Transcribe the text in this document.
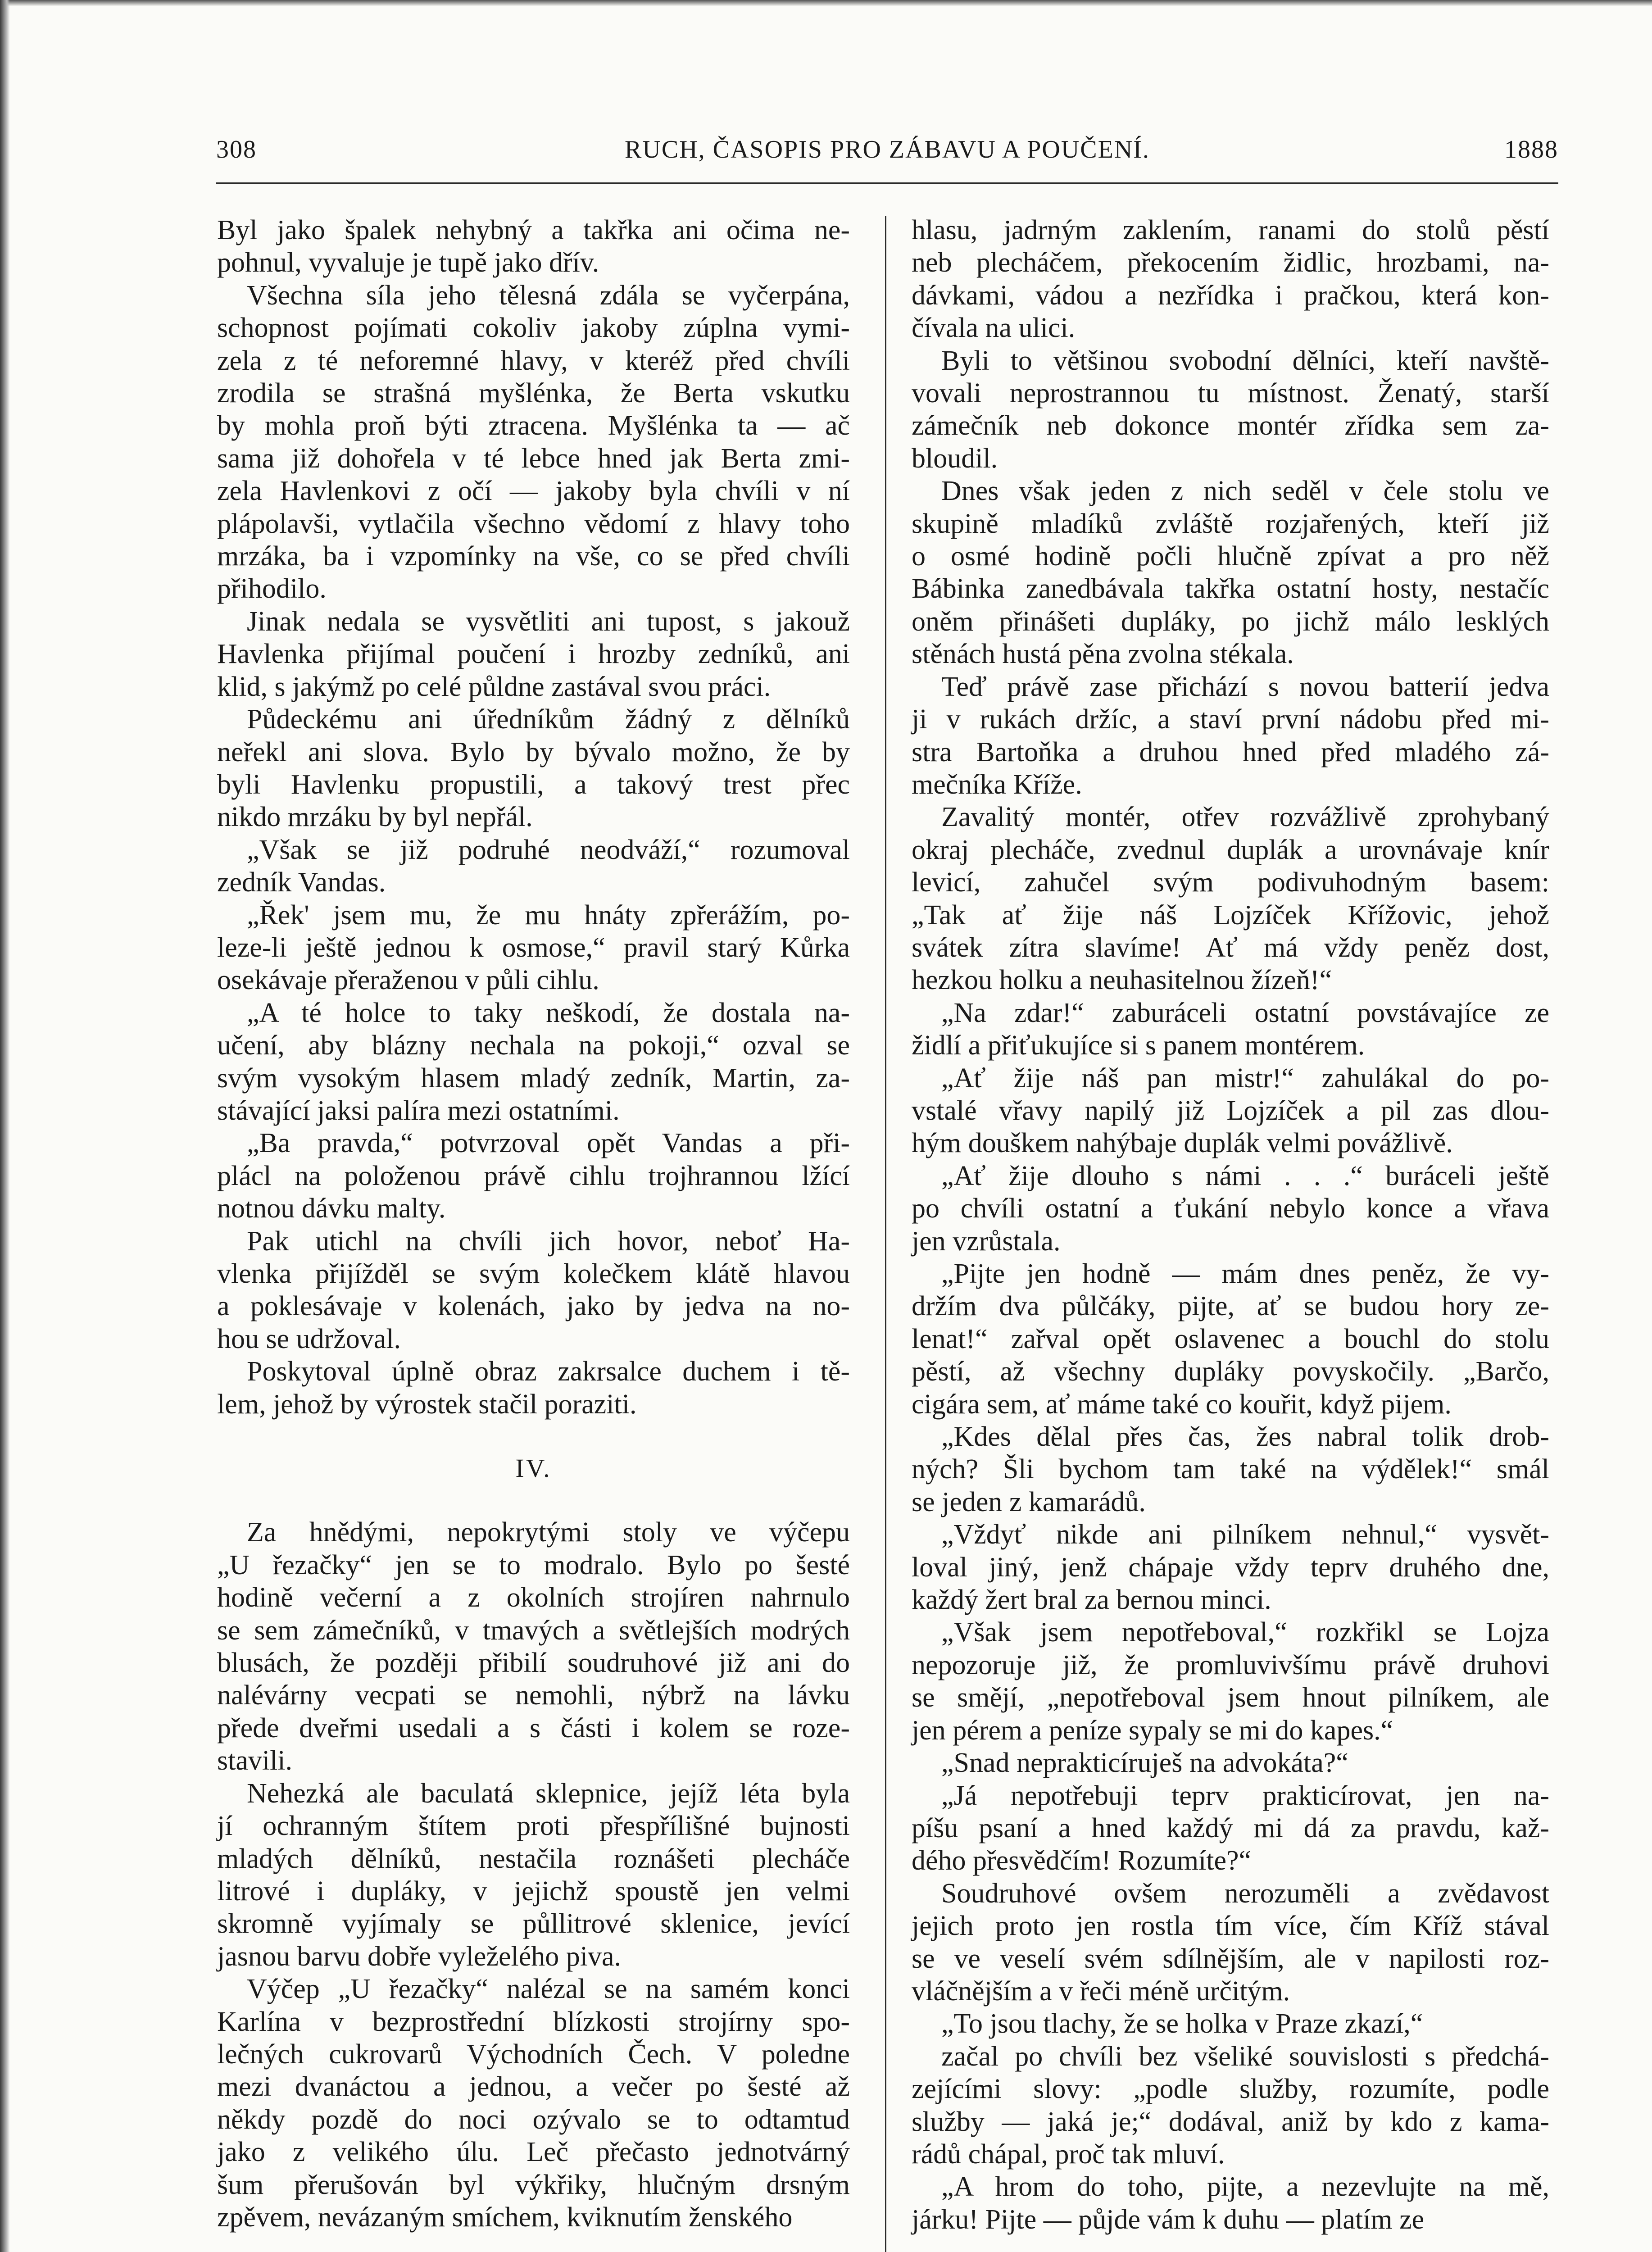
308	RUCH, ČASOPIS PRO ZÁBAVU A POUČENÍ.	1888
Byl jako špalek nehybný a takřka ani očima ne-
pohnul, vyvaluje je tupě jako dřív.
Všechna síla jeho tělesná zdála se vyčerpána,
schopnost pojímati cokoliv jakoby zúplna vymi-
zela z té neforemné hlavy, v kteréž před chvíli
zrodila se strašná myšlénka, že Berta vskutku
by mohla proň býti ztracena. Myšlénka ta — ač
sama již dohořela v té lebce hned jak Berta zmi-
zela Havlenkovi z očí — jakoby byla chvíli v ní
plápolavši, vytlačila všechno vědomí z hlavy toho
mrzáka, ba i vzpomínky na vše, co se před chvíli
přihodilo.
Jinak nedala se vysvětliti ani tupost, s jakouž
Havlenka přijímal poučení i hrozby zedníků, ani
klid, s jakýmž po celé půldne zastával svou práci.
Půdeckému ani úředníkům žádný z dělníků
neřekl ani slova. Bylo by bývalo možno, že by
byli Havlenku propustili, a takový trest přec
nikdo mrzáku by byl nepřál.
„Však se již podruhé neodváží,“ rozumoval
zedník Vandas.
„Řek' jsem mu, že mu hnáty zpřerážím, po-
leze-li ještě jednou k osmose,“ pravil starý Kůrka
osekávaje přeraženou v půli cihlu.
„A té holce to taky neškodí, že dostala na-
učení, aby blázny nechala na pokoji,“ ozval se
svým vysokým hlasem mladý zedník, Martin, za-
stávající jaksi palíra mezi ostatními.
„Ba pravda,“ potvrzoval opět Vandas a při-
plácl na položenou právě cihlu trojhrannou lžící
notnou dávku malty.
Pak utichl na chvíli jich hovor, neboť Ha-
vlenka přijížděl se svým kolečkem klátě hlavou
a poklesávaje v kolenách, jako by jedva na no-
hou se udržoval.
Poskytoval úplně obraz zakrsalce duchem i tě-
lem, jehož by výrostek stačil poraziti.
IV.
Za hnědými, nepokrytými stoly ve výčepu
„U řezačky“ jen se to modralo. Bylo po šesté
hodině večerní a z okolních strojíren nahrnulo
se sem zámečníků, v tmavých a světlejších modrých
blusách, že později přibilí soudruhové již ani do
nalévárny vecpati se nemohli, nýbrž na lávku
přede dveřmi usedali a s části i kolem se roze-
stavili.
Nehezká ale baculatá sklepnice, jejíž léta byla
jí ochranným štítem proti přespřílišné bujnosti
mladých dělníků, nestačila roznášeti plecháče
litrové i dupláky, v jejichž spoustě jen velmi
skromně vyjímaly se půllitrové sklenice, jevící
jasnou barvu dobře vyleželého piva.
Výčep „U řezačky“ nalézal se na samém konci
Karlína v bezprostřední blízkosti strojírny spo-
lečných cukrovarů Východních Čech. V poledne
mezi dvanáctou a jednou, a večer po šesté až
někdy pozdě do noci ozývalo se to odtamtud
jako z velikého úlu. Leč přečasto jednotvárný
šum přerušován byl výkřiky, hlučným drsným
zpěvem, nevázaným smíchem, kviknutím ženského
hlasu, jadrným zaklením, ranami do stolů pěstí
neb plecháčem, překocením židlic, hrozbami, na-
dávkami, vádou a nezřídka i pračkou, která kon-
čívala na ulici.
Byli to většinou svobodní dělníci, kteří navště-
vovali neprostrannou tu místnost. Ženatý, starší
zámečník neb dokonce montér zřídka sem za-
bloudil.
Dnes však jeden z nich seděl v čele stolu ve
skupině mladíků zvláště rozjařených, kteří již
o osmé hodině počli hlučně zpívat a pro něž
Bábinka zanedbávala takřka ostatní hosty, nestačíc
oněm přinášeti dupláky, po jichž málo lesklých
stěnách hustá pěna zvolna stékala.
Teď právě zase přichází s novou batterií jedva
ji v rukách držíc, a staví první nádobu před mi-
stra Bartoňka a druhou hned před mladého zá-
mečníka Kříže.
Zavalitý montér, otřev rozvážlivě zprohybaný
okraj plecháče, zvednul duplák a urovnávaje knír
levicí, zahučel svým podivuhodným basem:
„Tak ať žije náš Lojzíček Křížovic, jehož
svátek zítra slavíme! Ať má vždy peněz dost,
hezkou holku a neuhasitelnou žízeň!“
„Na zdar!“ zaburáceli ostatní povstávajíce ze
židlí a přiťukujíce si s panem montérem.
„Ať žije náš pan mistr!“ zahulákal do po-
vstalé vřavy napilý již Lojzíček a pil zas dlou-
hým douškem nahýbaje duplák velmi povážlivě.
„Ať žije dlouho s námi . . .“ buráceli ještě
po chvíli ostatní a ťukání nebylo konce a vřava
jen vzrůstala.
„Pijte jen hodně — mám dnes peněz, že vy-
držím dva půlčáky, pijte, ať se budou hory ze-
lenat!“ zařval opět oslavenec a bouchl do stolu
pěstí, až všechny dupláky povyskočily. „Barčo,
cigára sem, ať máme také co kouřit, když pijem.
„Kdes dělal přes čas, žes nabral tolik drob-
ných? Šli bychom tam také na výdělek!“ smál
se jeden z kamarádů.
„Vždyť nikde ani pilníkem nehnul,“ vysvět-
loval jiný, jenž chápaje vždy teprv druhého dne,
každý žert bral za bernou minci.
„Však jsem nepotřeboval,“ rozkřikl se Lojza
nepozoruje již, že promluvivšímu právě druhovi
se smějí, „nepotřeboval jsem hnout pilníkem, ale
jen pérem a peníze sypaly se mi do kapes.“
„Snad nepraktiсíruješ na advokáta?“
„Já nepotřebuji teprv prakticírovat, jen na-
píšu psaní a hned každý mi dá za pravdu, kaž-
dého přesvědčím! Rozumíte?“
Soudruhové ovšem nerozuměli a zvědavost
jejich proto jen rostla tím více, čím Kříž stával
se ve veselí svém sdílnějším, ale v napilosti roz-
vláčnějším a v řeči méně určitým.
„To jsou tlachy, že se holka v Praze zkazí,“
začal po chvíli bez všeliké souvislosti s předchá-
zejícími slovy: „podle služby, rozumíte, podle
služby — jaká je;“ dodával, aniž by kdo z kama-
rádů chápal, proč tak mluví.
„A hrom do toho, pijte, a nezevlujte na mě,
járku! Pijte — půjde vám k duhu — platím ze
